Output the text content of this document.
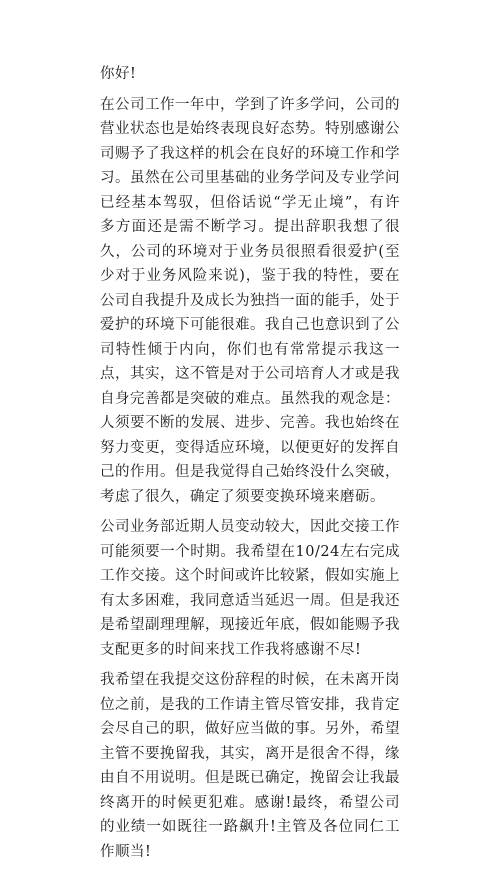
你好!

在公司工作一年中，学到了许多学问，公司的营业状态也是始终表现良好态势。特别感谢公司赐予了我这样的机会在良好的环境工作和学习。虽然在公司里基础的业务学问及专业学问已经基本驾驭，但俗话说“学无止境”，有许多方面还是需不断学习。提出辞职我想了很久，公司的环境对于业务员很照看很爱护(至少对于业务风险来说)，鉴于我的特性，要在公司自我提升及成长为独挡一面的能手，处于爱护的环境下可能很难。我自己也意识到了公司特性倾于内向，你们也有常常提示我这一点，其实，这不管是对于公司培育人才或是我自身完善都是突破的难点。虽然我的观念是：人须要不断的发展、进步、完善。我也始终在努力变更，变得适应环境，以便更好的发挥自己的作用。但是我觉得自己始终没什么突破，考虑了很久，确定了须要变换环境来磨砺。

公司业务部近期人员变动较大，因此交接工作可能须要一个时期。我希望在10/24左右完成工作交接。这个时间或许比较紧，假如实施上有太多困难，我同意适当延迟一周。但是我还是希望副理理解，现接近年底，假如能赐予我支配更多的时间来找工作我将感谢不尽!

我希望在我提交这份辞程的时候，在未离开岗位之前，是我的工作请主管尽管安排，我肯定会尽自己的职，做好应当做的事。另外，希望主管不要挽留我，其实，离开是很舍不得，缘由自不用说明。但是既已确定，挽留会让我最终离开的时候更犯难。感谢!最终，希望公司的业绩一如既往一路飙升!主管及各位同仁工作顺当!
